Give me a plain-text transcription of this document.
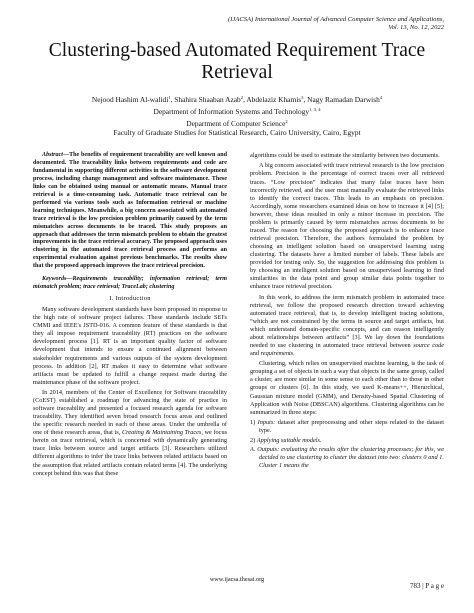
(IJACSA) International Journal of Advanced Computer Science and Applications,
Vol. 13, No. 12, 2022
Clustering-based Automated Requirement Trace
Retrieval
Nejood Hashim Al-walidi$^1$, Shahira Shaaban Azab$^2$, Abdelaziz Khamis$^3$, Nagy Ramadan Darwish$^4$
Department of Information Systems and Technology$^{1, 3, 4}$
Department of Computer Science$^2$
Faculty of Graduate Studies for Statistical Research, Cairo University, Cairo, Egypt

Abstract—The benefits of requirement traceability are well known and documented. The traceability links between requirements and code are fundamental in supporting different activities in the software development process, including change management and software maintenance. These links can be obtained using manual or automatic means. Manual trace retrieval is a time-consuming task. Automatic trace retrieval can be performed via various tools such as Information retrieval or machine learning techniques. Meanwhile, a big concern associated with automated trace retrieval is the low precision problem primarily caused by the term mismatches across documents to be traced. This study proposes an approach that addresses the term mismatch problem to obtain the greatest improvements in the trace retrieval accuracy. The proposed approach uses clustering in the automated trace retrieval process and performs an experimental evaluation against previous benchmarks. The results show that the proposed approach improves the trace retrieval precision.

Keywords—Requirements traceability; information retrieval; term mismatch problem; trace retrieval; TraceLab; clustering

I. Introduction

Many software development standards have been proposed in response to the high rate of software project failures. These standards include SEI's CMMI and IEEE's JSTD-016. A common feature of these standards is that they all impose requirement traceability (RT) practices on the software development process [1]. RT is an important quality factor of software development that intends to ensure a continued alignment between stakeholder requirements and various outputs of the system development process. In addition [2], RT makes it easy to determine what software artifacts must be updated to fulfill a change request made during the maintenance phase of the software project.

In 2014, members of the Center of Excellence for Software traceability (CoEST) established a roadmap for advancing the state of practice in software traceability and presented a focused research agenda for software traceability. They identified seven broad research focus areas and outlined the specific research needed in each of these areas. Under the umbrella of one of these research areas, that is, Creating & Maintaining Traces, we focus herein on trace retrieval, which is concerned with dynamically generating trace links between source and target artifacts [3]. Researchers utilized different algorithms to infer the trace links between related artifacts based on the assumption that related artifacts contain related terms [4]. The underlying concept behind this was that these

algorithms could be used to estimate the similarity between two documents.

A big concern associated with trace retrieval research is the low precision problem. Precision is the percentage of correct traces over all retrieved traces. “Low precision” indicates that many false traces have been incorrectly retrieved, and the user must manually evaluate the retrieved links to identify the correct traces. This leads to an emphasis on precision. Accordingly, some researchers examined ideas on how to increase it [4] [5]; however, these ideas resulted in only a minor increase in precision. The problem is primarily caused by term mismatches across documents to be traced. The reason for choosing the proposed approach is to enhance trace retrieval precision. Therefore, the authors formulated the problem by choosing an intelligent solution based on unsupervised learning using clustering. The datasets have a limited number of labels. These labels are provided for testing only. So, the suggestion for addressing this problem is by choosing an intelligent solution based on unsupervised learning to find similarities in the data point and group similar data points together to enhance trace retrieval precision.

In this work, to address the term mismatch problem in automated trace retrieval, we follow the proposed research direction toward achieving automated trace retrieval, that is, to develop intelligent tracing solutions, “which are not constrained by the terms in source and target artifacts, but which understand domain-specific concepts, and can reason intelligently about relationships between artifacts” [3]. We lay down the foundations needed to use clustering in automated trace retrieval between source code and requirements.

Clustering, which relies on unsupervised machine learning, is the task of grouping a set of objects in such a way that objects in the same group, called a cluster, are more similar in some sense to each other than to those in other groups or clusters [6]. In this study, we used K-means++, Hierarchical, Gaussian mixture model (GMM), and Density-based Spatial Clustering of Application with Noise (DBSCAN) algorithms. Clustering algorithms can be summarized in three steps:

1) Inputs: dataset after preprocessing and other steps related to the dataset type.

2) Applying suitable models.

A. Outputs: evaluating the results after the clustering processes; for this, we decided to use clustering to cluster the dataset into two: clusters 0 and 1. Cluster 1 means the

www.ijacsa.thesai.org
783 | P a g e
